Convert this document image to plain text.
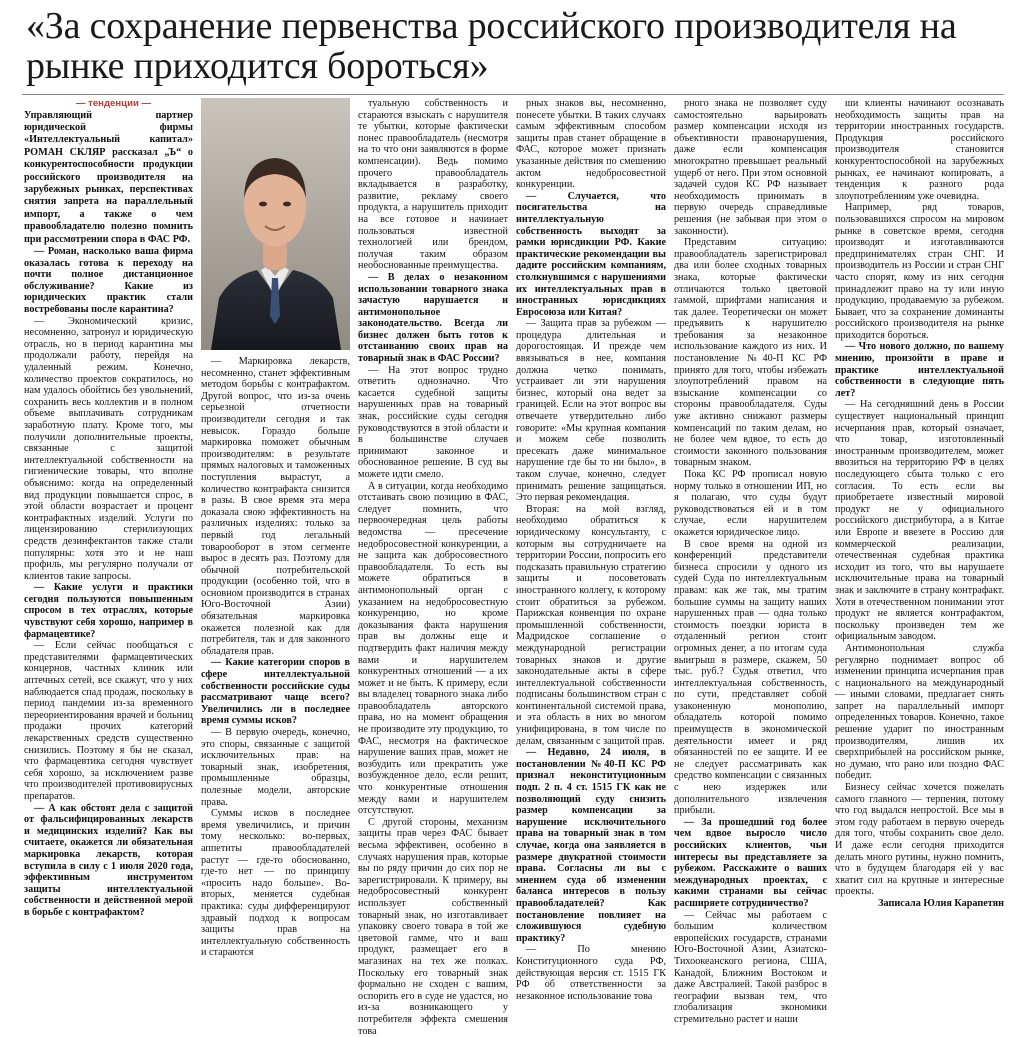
«За сохранение первенства российского производителя на рынке приходится бороться»

— тенденции —

Управляющий партнер юридической фирмы «Интеллектуальный капитал» РОМАН СКЛЯР рассказал „Ъ“ о конкурентоспособности продукции российского производителя на зарубежных рынках, перспективах снятия запрета на параллельный импорт, а также о чем правообладателю полезно помнить при рассмотрении спора в ФАС РФ.

— Роман, насколько ваша фирма оказалась готова к переходу на почти полное дистанционное обслуживание? Какие из юридических практик стали востребованы после карантина?

— Экономический кризис, несомненно, затронул и юридическую отрасль, но в период карантина мы продолжали работу, перейдя на удаленный режим. Конечно, количество проектов сократилось, но нам удалось обойтись без увольнений, сохранить весь коллектив и в полном объеме выплачивать сотрудникам заработную плату. Кроме того, мы получили дополнительные проекты, связанные с защитой интеллектуальной собственности на гигиенические товары, что вполне объяснимо: когда на определенный вид продукции повышается спрос, в этой области возрастает и процент контрафактных изделий. Услуги по лицензированию стерилизующих средств дезинфектантов также стали популярны: хотя это и не наш профиль, мы регулярно получали от клиентов такие запросы.

— Какие услуги и практики сегодня пользуются повышенным спросом в тех отраслях, которые чувствуют себя хорошо, например в фармацевтике?

— Если сейчас пообщаться с представителями фармацевтических концернов, частных клиник или аптечных сетей, все скажут, что у них наблюдается спад продаж, поскольку в период пандемии из-за временного переориентирования врачей и больниц продажи прочих категорий лекарственных средств существенно снизились. Поэтому я бы не сказал, что фармацевтика сегодня чувствует себя хорошо, за исключением разве что производителей противовирусных препаратов.

— А как обстоят дела с защитой от фальсифицированных лекарств и медицинских изделий? Как вы считаете, окажется ли обязательная маркировка лекарств, которая вступила в силу с 1 июля 2020 года, эффективным инструментом защиты интеллектуальной собственности и действенной мерой в борьбе с контрафактом?

— Маркировка лекарств, несомненно, станет эффективным методом борьбы с контрафактом. Другой вопрос, что из-за очень серьезной отчетности производители сегодня и так невысок. Гораздо больше маркировка поможет обычным производителям: в результате прямых налоговых и таможенных поступления вырастут, а количество контрафакта снизится в разы. В свое время эта мера доказала свою эффективность на различных изделиях: только за первый год легальный товарооборот в этом сегменте вырос в десять раз. Поэтому для обычной потребительской продукции (особенно той, что в основном производится в странах Юго-Восточной Азии) обязательная маркировка окажется полезной как для потребителя, так и для законного обладателя прав.

— Какие категории споров в сфере интеллектуальной собственности российские суды рассматривают чаще всего? Увеличились ли в последнее время суммы исков?

— В первую очередь, конечно, это споры, связанные с защитой исключительных прав: на товарный знак, изобретения, промышленные образцы, полезные модели, авторские права.

Суммы исков в последнее время увеличились, и причин тому несколько: во-первых, аппетиты правообладателей растут — где-то обоснованно, где-то нет — по принципу «просить надо больше». Во-вторых, меняется судебная практика: суды дифференцируют здравый подход к вопросам защиты прав на интеллектуальную собственность и стараются

туальную собственность и стараются взыскать с нарушителя те убытки, которые фактически понес правообладатель (несмотря на то что они заявляются в форме компенсации). Ведь помимо прочего правообладатель вкладывается в разработку, развитие, рекламу своего продукта, а нарушитель приходит на все готовое и начинает пользоваться известной технологией или брендом, получая таким образом необоснованные преимущества.

— В делах о незаконном использовании товарного знака зачастую нарушается и антимонопольное законодательство. Всегда ли бизнес должен быть готов к отстаиванию своих прав на товарный знак в ФАС России?

— На этот вопрос трудно ответить однозначно. Что касается судебной защиты нарушенных прав на товарный знак, российские суды сегодня руководствуются в этой области и в большинстве случаев принимают законное и обоснованное решение. В суд вы можете идти смело.

А в ситуации, когда необходимо отстаивать свою позицию в ФАС, следует помнить, что первоочередная цель работы ведомства — пресечение недобросовестной конкуренции, а не защита как добросовестного правообладателя. То есть вы можете обратиться в антимонопольный орган с указанием на недобросовестную конкуренцию, но кроме доказывания факта нарушения прав вы должны еще и подтвердить факт наличия между вами и нарушителем конкурентных отношений — а их может и не быть. К примеру, если вы владелец товарного знака либо правообладатель авторского права, но на момент обращения не производите эту продукцию, то ФАС, несмотря на фактическое нарушение ваших прав, может не возбудить или прекратить уже возбужденное дело, если решит, что конкурентные отношения между вами и нарушителем отсутствуют.

С другой стороны, механизм защиты прав через ФАС бывает весьма эффективен, особенно в случаях нарушения прав, которые вы по ряду причин до сих пор не зарегистрировали. К примеру, вы недобросовестный конкурент использует собственный товарный знак, но изготавливает упаковку своего товара в той же цветовой гамме, что и ваш продукт, размещает его в магазинах на тех же полках. Поскольку его товарный знак формально не сходен с вашим, оспорить его в суде не удастся, но из-за возникающего у потребителя эффекта смешения това

рных знаков вы, несомненно, понесете убытки. В таких случаях самым эффективным способом защиты прав станет обращение в ФАС, которое может признать указанные действия по смешению актом недобросовестной конкуренции.

— Случается, что посягательства на интеллектуальную собственность выходят за рамки юрисдикции РФ. Какие практические рекомендации вы дадите российским компаниям, столкнувшимся с нарушениями их интеллектуальных прав в иностранных юрисдикциях Евросоюза или Китая?

— Защита прав за рубежом — процедура длительная и дорогостоящая. И прежде чем ввязываться в нее, компания должна четко понимать, устраивает ли эти нарушения бизнес, который она ведет за границей. Если на этот вопрос вы отвечаете утвердительно либо говорите: «Мы крупная компания и можем себе позволить пресекать даже минимальное нарушение где бы то ни было», в таком случае, конечно, следует принимать решение защищаться. Это первая рекомендация.

Вторая: на мой взгляд, необходимо обратиться к юридическому консультанту, с которым вы сотрудничаете на территории России, попросить его подсказать правильную стратегию защиты и посоветовать иностранного коллегу, к которому стоит обратиться за рубежом. Парижская конвенция по охране промышленной собственности, Мадридское соглашение о международной регистрации товарных знаков и другие законодательные акты в сфере интеллектуальной собственности подписаны большинством стран с континентальной системой права, и эта область в них во многом унифицирована, в том числе по делам, связанным с защитой прав.

— Недавно, 24 июля, в постановлении №40-П КС РФ признал неконституционным подп. 2 п. 4 ст. 1515 ГК как не позволяющий суду снизить размер компенсации за нарушение исключительного права на товарный знак в том случае, когда она заявляется в размере двукратной стоимости права. Согласны ли вы с мнением суда об изменении баланса интересов в пользу правообладателей? Как постановление повлияет на сложившуюся судебную практику?

— По мнению Конституционного суда РФ, действующая версия ст. 1515 ГК РФ об ответственности за незаконное использование това

рного знака не позволяет суду самостоятельно варьировать размер компенсации исходя из объективности правонарушения, даже если компенсация многократно превышает реальный ущерб от него. При этом основной задачей судов КС РФ называет необходимость принимать в первую очередь справедливые решения (не забывая при этом о законности).

Представим ситуацию: правообладатель зарегистрировал два или более сходных товарных знака, которые фактически отличаются только цветовой гаммой, шрифтами написания и так далее. Теоретически он может предъявить к нарушителю требования за незаконное использование каждого из них. И постановление №40-П КС РФ принято для того, чтобы избежать злоупотреблений правом на взыскание компенсации со стороны правообладателя. Суды уже активно снижают размеры компенсаций по таким делам, но не более чем вдвое, то есть до стоимости законного пользования товарным знаком.

Пока КС РФ прописал новую норму только в отношении ИП, но я полагаю, что суды будут руководствоваться ей и в том случае, если нарушителем окажется юридическое лицо.

В свое время на одной из конференций представители бизнеса спросили у одного из судей Суда по интеллектуальным правам: как же так, мы тратим большие суммы на защиту наших нарушенных прав — одна только стоимость поездки юриста в отдаленный регион стоит огромных денег, а по итогам суда выигрыш в размере, скажем, 50 тыс. руб.? Судья ответил, что интеллектуальная собственность, по сути, представляет собой узаконенную монополию, обладатель которой помимо преимуществ в экономической деятельности имеет и ряд обязанностей по ее защите. И ее не следует рассматривать как средство компенсации с связанных с нею издержек или дополнительного извлечения прибыли.

— За прошедший год более чем вдвое выросло число российских клиентов, чьи интересы вы представляете за рубежом. Расскажите о ваших международных проектах, с какими странами вы сейчас расширяете сотрудничество?

— Сейчас мы работаем с большим количеством европейских государств, странами Юго-Восточной Азии, Азиатско-Тихоокеанского региона, США, Канадой, Ближним Востоком и даже Австралией. Такой разброс в географии вызван тем, что глобализация экономики стремительно растет и наши

ши клиенты начинают осознавать необходимость защиты прав на территории иностранных государств. Продукция российского производителя становится конкурентоспособной на зарубежных рынках, ее начинают копировать, а тенденция к разного рода злоупотреблениям уже очевидна.

Например, ряд товаров, пользовавшихся спросом на мировом рынке в советское время, сегодня производят и изготавливаются предпринимателях стран СНГ. И производитель из России и стран СНГ часто спорят, кому из них сегодня принадлежит право на ту или иную продукцию, продаваемую за рубежом. Бывает, что за сохранение доминанты российского производителя на рынке приходится бороться.

— Что нового должно, по вашему мнению, произойти в праве и практике интеллектуальной собственности в следующие пять лет?

— На сегодняшний день в России существует национальный принцип исчерпания прав, который означает, что товар, изготовленный иностранным производителем, может ввозиться на территорию РФ в целях последующего сбыта только с его согласия. То есть если вы приобретаете известный мировой продукт не у официального российского дистрибутора, а в Китае или Европе и ввезете в Россию для коммерческой реализации, отечественная судебная практика исходит из того, что вы нарушаете исключительные права на товарный знак и заключите в страну контрафакт. Хотя в отечественном понимании этот продукт не является контрафактом, поскольку произведен тем же официальным заводом.

Антимонопольная служба регулярно поднимает вопрос об изменении принципа исчерпания прав с национального на международный — иными словами, предлагает снять запрет на параллельный импорт определенных товаров. Конечно, такое решение ударит по иностранным производителям, лишив их сверхприбылей на российском рынке, но думаю, что рано или поздно ФАС победит.

Бизнесу сейчас хочется пожелать самого главного — терпения, потому что год выдался непростой. Все мы в этом году работаем в первую очередь для того, чтобы сохранить свое дело. И даже если сегодня приходится делать много рутины, нужно помнить, что в будущем благодаря ей у вас хватит сил на крупные и интересные проекты.

Записала Юлия Карапетян
